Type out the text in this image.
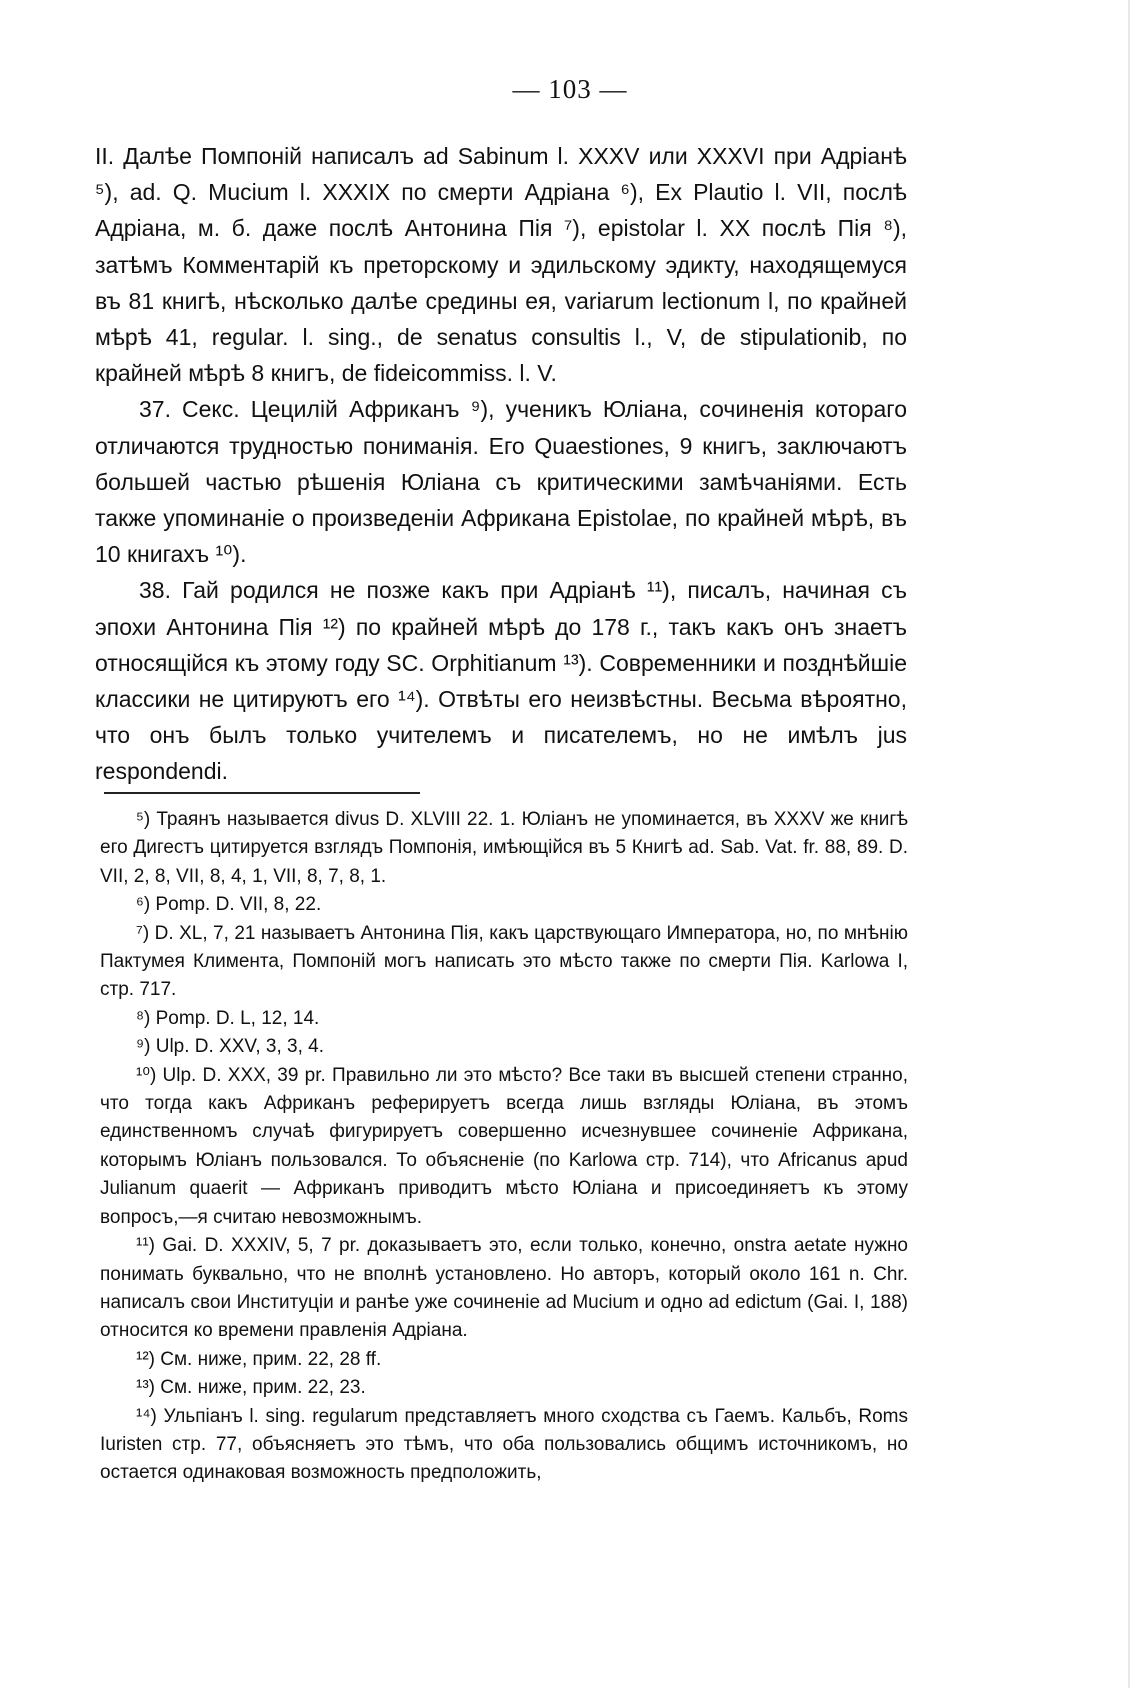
— 103 —

II. Далѣе Помпоній написалъ ad Sabinum l. XXXV или XXXVI при Адріанѣ ⁵), ad. Q. Mucium l. XXXIX по смерти Адріана ⁶), Ex Plautio l. VII, послѣ Адріана, м. б. даже послѣ Антонина Пія ⁷), epistolar l. XX послѣ Пія ⁸), затѣмъ Комментарій къ преторскому и эдильскому эдикту, находящемуся въ 81 книгѣ, нѣсколько далѣе средины ея, variarum lectionum l, по крайней мѣрѣ 41, regular. l. sing., de senatus consultis l., V, de stipulationib, по крайней мѣрѣ 8 книгъ, de fideicommiss. l. V.

37. Секс. Цецилій Африканъ ⁹), ученикъ Юліана, сочиненія котораго отличаются трудностью пониманія. Его Quaestiones, 9 книгъ, заключаютъ большей частью рѣшенія Юліана съ критическими замѣчаніями. Есть также упоминаніе о произведеніи Африкана Epistolae, по крайней мѣрѣ, въ 10 книгахъ ¹⁰).

38. Гай родился не позже какъ при Адріанѣ ¹¹), писалъ, начиная съ эпохи Антонина Пія ¹²) по крайней мѣрѣ до 178 г., такъ какъ онъ знаетъ относящійся къ этому году SC. Orphitianum ¹³). Современники и позднѣйшіе классики не цитируютъ его ¹⁴). Отвѣты его неизвѣстны. Весьма вѣроятно, что онъ былъ только учителемъ и писателемъ, но не имѣлъ jus respondendi.

⁵) Траянъ называется divus D. XLVIII 22. 1. Юліанъ не упоминается, въ XXXV же книгѣ его Дигестъ цитируется взглядъ Помпонія, имѣющійся въ 5 Книгѣ ad. Sab. Vat. fr. 88, 89. D. VII, 2, 8, VII, 8, 4, 1, VII, 8, 7, 8, 1.

⁶) Pomp. D. VII, 8, 22.

⁷) D. XL, 7, 21 называетъ Антонина Пія, какъ царствующаго Императора, но, по мнѣнію Пактумея Климента, Помпоній могъ написать это мѣсто также по смерти Пія. Karlowa I, стр. 717.

⁸) Pomp. D. L, 12, 14.

⁹) Ulp. D. XXV, 3, 3, 4.

¹⁰) Ulp. D. XXX, 39 pr. Правильно ли это мѣсто? Все таки въ высшей степени странно, что тогда какъ Африканъ реферируетъ всегда лишь взгляды Юліана, въ этомъ единственномъ случаѣ фигурируетъ совершенно исчезнувшее сочиненіе Африкана, которымъ Юліанъ пользовался. То объясненіе (по Karlowa стр. 714), что Africanus apud Julianum quaerit — Африканъ приводитъ мѣсто Юліана и присоединяетъ къ этому вопросъ,—я считаю невозможнымъ.

¹¹) Gai. D. XXXIV, 5, 7 pr. доказываетъ это, если только, конечно, onstra aetate нужно понимать буквально, что не вполнѣ установлено. Но авторъ, который около 161 n. Chr. написалъ свои Институціи и ранѣе уже сочиненіе ad Mucium и одно ad edictum (Gai. I, 188) относится ко времени правленія Адріана.

¹²) См. ниже, прим. 22, 28 ff.

¹³) См. ниже, прим. 22, 23.

¹⁴) Ульпіанъ l. sing. regularum представляетъ много сходства съ Гаемъ. Кальбъ, Roms Iuristen стр. 77, объясняетъ это тѣмъ, что оба пользовались общимъ источникомъ, но остается одинаковая возможность предположить,
